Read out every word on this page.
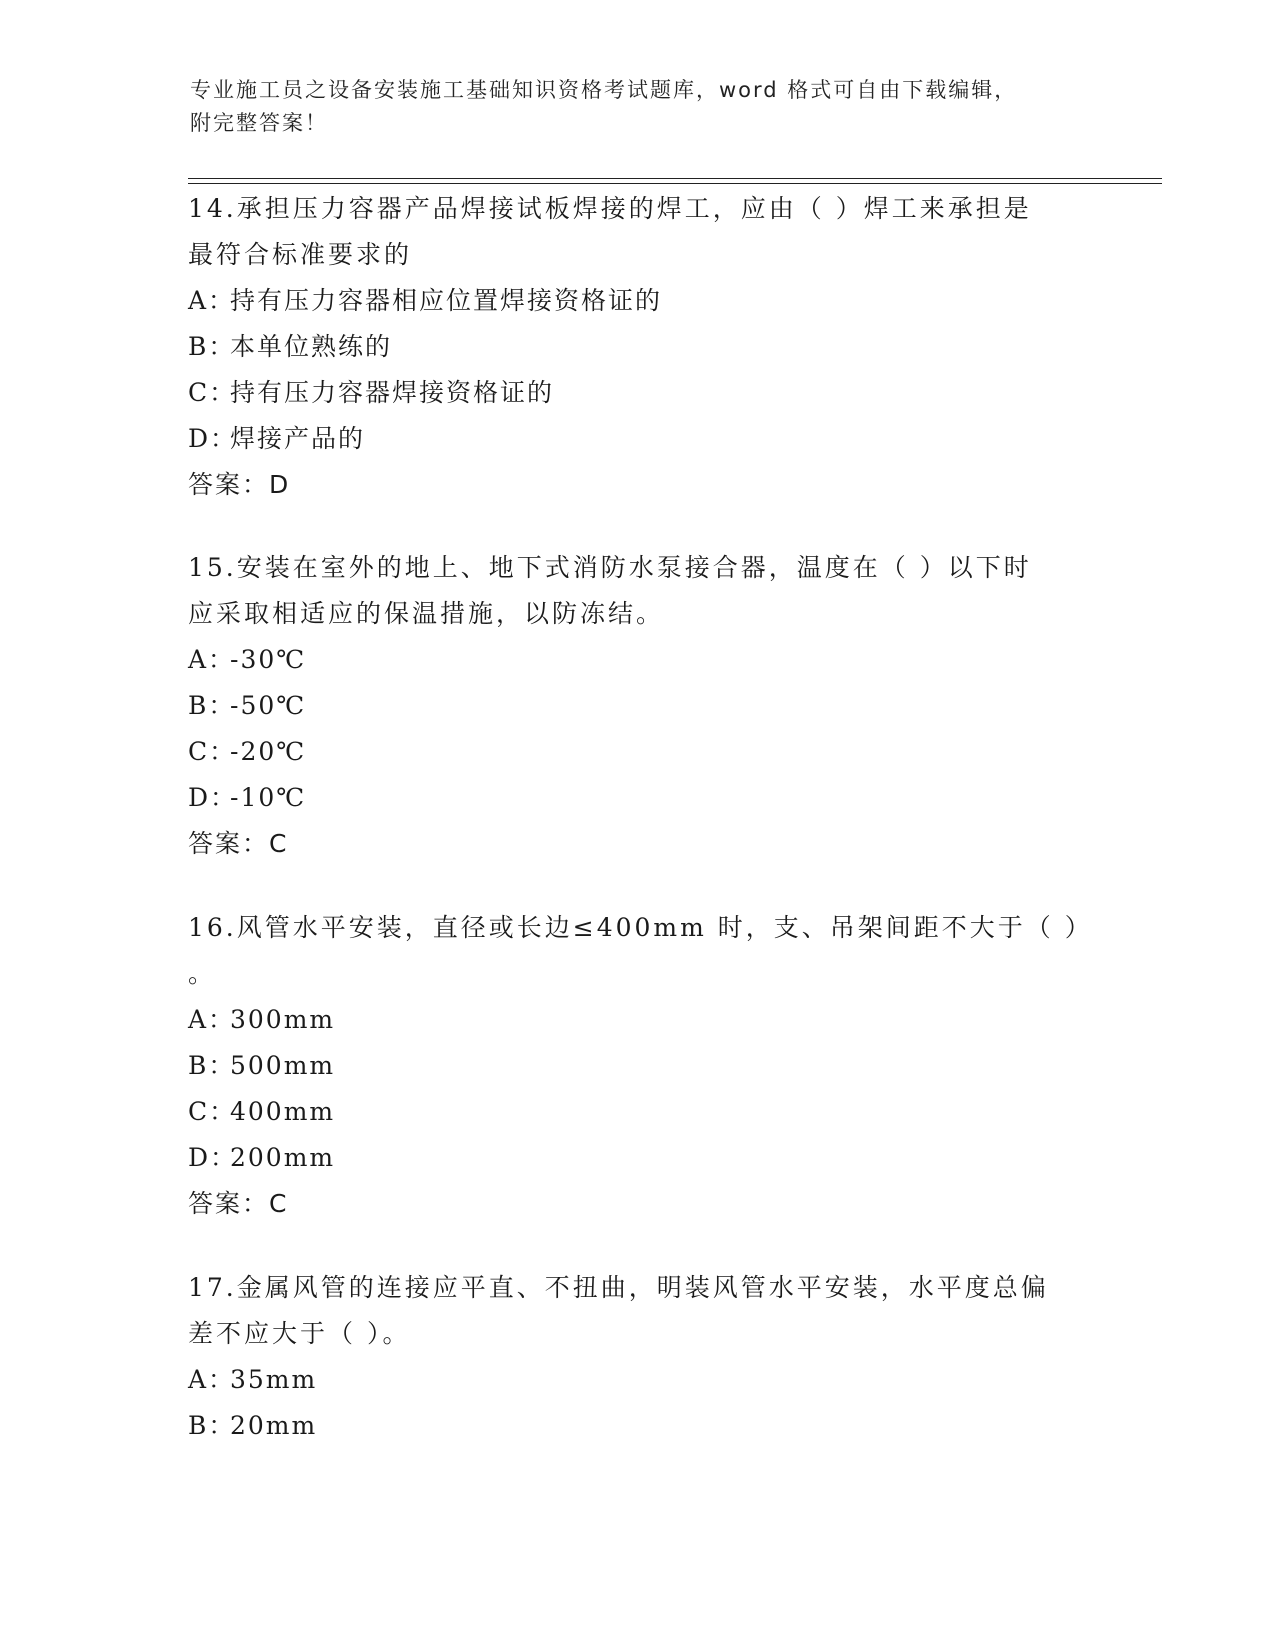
专业施工员之设备安装施工基础知识资格考试题库，word 格式可自由下载编辑，
附完整答案！
14.承担压力容器产品焊接试板焊接的焊工，应由（ ）焊工来承担是
最符合标准要求的
A：
持有压力容器相应位置焊接资格证的
B：
本单位熟练的
C：
持有压力容器焊接资格证的
D：
焊接产品的
答案：D
15.安装在室外的地上、地下式消防水泵接合器，温度在（ ）以下时
应采取相适应的保温措施，以防冻结。
A：
-30℃
B：
-50℃
C：
-20℃
D：
-10℃
答案：C
16.风管水平安装，直径或长边≤400mm 时，支、吊架间距不大于（ ）
。
A：
300mm
B：
500mm
C：
400mm
D：
200mm
答案：C
17.金属风管的连接应平直、不扭曲，明装风管水平安装，水平度总偏
差不应大于（ ）。
A：
35mm
B：
20mm
